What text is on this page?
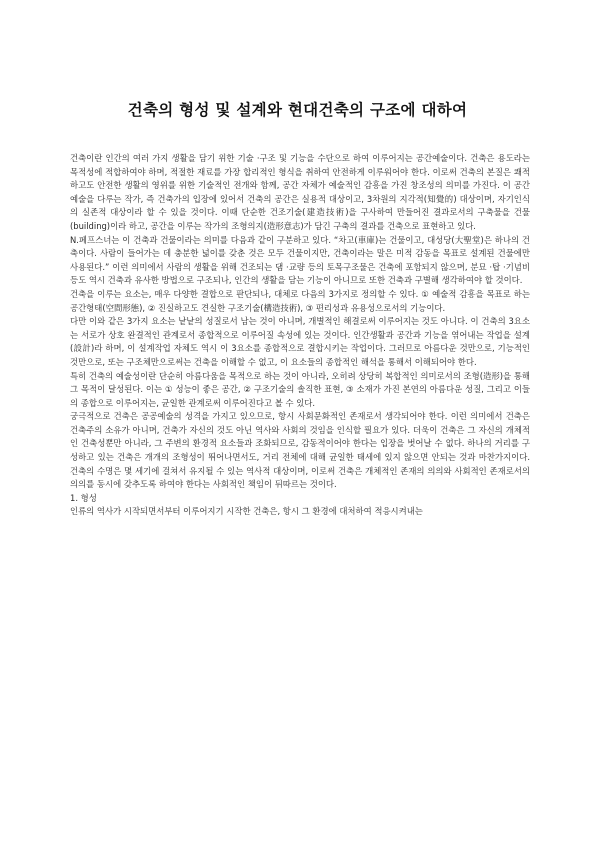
건축의 형성 및 설계와 현대건축의 구조에 대하여

건축이란 인간의 여러 가지 생활을 담기 위한 기술 ·구조 및 기능을 수단으로 하여 이루어지는 공간예술이다. 건축은 용도라는 목적성에 적합하여야 하며, 적절한 재료를 가장 합리적인 형식을 취하여 안전하게 이루워어야 한다. 이로써 건축의 본질은 쾌적하고도 안전한 생활의 영위를 위한 기술적인 전개와 함께, 공간 자체가 예술적인 감흥을 가진 창조성의 의미를 가진다. 이 공간예술을 다루는 작가, 즉 건축가의 입장에 있어서 건축의 공간은 실용적 대상이고, 3차원의 지각적(知覺的) 대상이며, 자기인식의 실존적 대상이라 할 수 있을 것이다. 이때 단순한 건조기술(建造技術)을 구사하여 만들어진 결과로서의 구축물을 건물(building)이라 하고, 공간을 이루는 작가의 조형의지(造形意志)가 담긴 구축의 결과를 건축으로 표현하고 있다.

N.페프스너는 이 건축과 건물이라는 의미를 다음과 같이 구분하고 있다. “차고(車庫)는 건물이고, 대성당(大聖堂)은 하나의 건축이다. 사람이 들어가는 데 충분한 넓이를 갖춘 것은 모두 건물이지만, 건축이라는 말은 미적 감동을 목표로 설계된 건물에만 사용된다.” 이런 의미에서 사람의 생활을 위해 건조되는 댐 ·교량 등의 토목구조물은 건축에 포함되지 않으며, 분묘 ·탑 ·기념비 등도 역시 건축과 유사한 방법으로 구조되나, 인간의 생활을 담는 기능이 아니므로 또한 건축과 구별해 생각하여야 할 것이다.

건축을 이루는 요소는, 매우 다양한 결합으로 판단되나, 대체로 다음의 3가지로 정의할 수 있다. ① 예술적 감흥을 목표로 하는 공간형태(空間形態), ② 진실하고도 견실한 구조기술(構造技術), ③ 편리성과 유용성으로서의 기능이다.

다만 이와 같은 3가지 요소는 낱낱의 성질로서 남는 것이 아니며, 개별적인 해결로써 이루어지는 것도 아니다. 이 건축의 3요소는 서로가 상호 완결적인 관계로서 종합적으로 이루어질 속성에 있는 것이다. 인간생활과 공간과 기능을 엮어내는 작업을 설계(設計)라 하며, 이 설계작업 자체도 역시 이 3요소를 종합적으로 결합시키는 작업이다. 그러므로 아름다운 것만으로, 기능적인 것만으로, 또는 구조체만으로써는 건축을 이해할 수 없고, 이 요소들의 종합적인 해석을 통해서 이해되어야 한다.

특히 건축의 예술성이란 단순히 아름다움을 목적으로 하는 것이 아니라, 오히려 상당히 복합적인 의미로서의 조형(造形)을 통해 그 목적이 달성된다. 이는 ① 성능이 좋은 공간, ② 구조기술의 솔직한 표현, ③ 소재가 가진 본연의 아름다운 성질, 그리고 이들의 종합으로 이루어지는, 균일한 관계로써 이루어진다고 볼 수 있다.

궁극적으로 건축은 공공예술의 성격을 가지고 있으므로, 항시 사회문화적인 존재로서 생각되어야 한다. 이런 의미에서 건축은 건축주의 소유가 아니며, 건축가 자신의 것도 아닌 역사와 사회의 것임을 인식할 필요가 있다. 더욱이 건축은 그 자신의 개체적인 건축성뿐만 아니라, 그 주변의 환경적 요소들과 조화되므로, 감동적이어야 한다는 입장을 벗어날 수 없다. 하나의 거리를 구성하고 있는 건축은 개개의 조형성이 뛰어나면서도, 거리 전체에 대해 균일한 태세에 있지 않으면 안되는 것과 마찬가지이다. 건축의 수명은 몇 세기에 걸쳐서 유지될 수 있는 역사적 대상이며, 이로써 건축은 개체적인 존재의 의의와 사회적인 존재로서의 의의를 동시에 갖추도록 하여야 한다는 사회적인 책임이 뒤따르는 것이다.

1. 형성

인류의 역사가 시작되면서부터 이루어지기 시작한 건축은, 항시 그 환경에 대처하여 적응시켜내는
